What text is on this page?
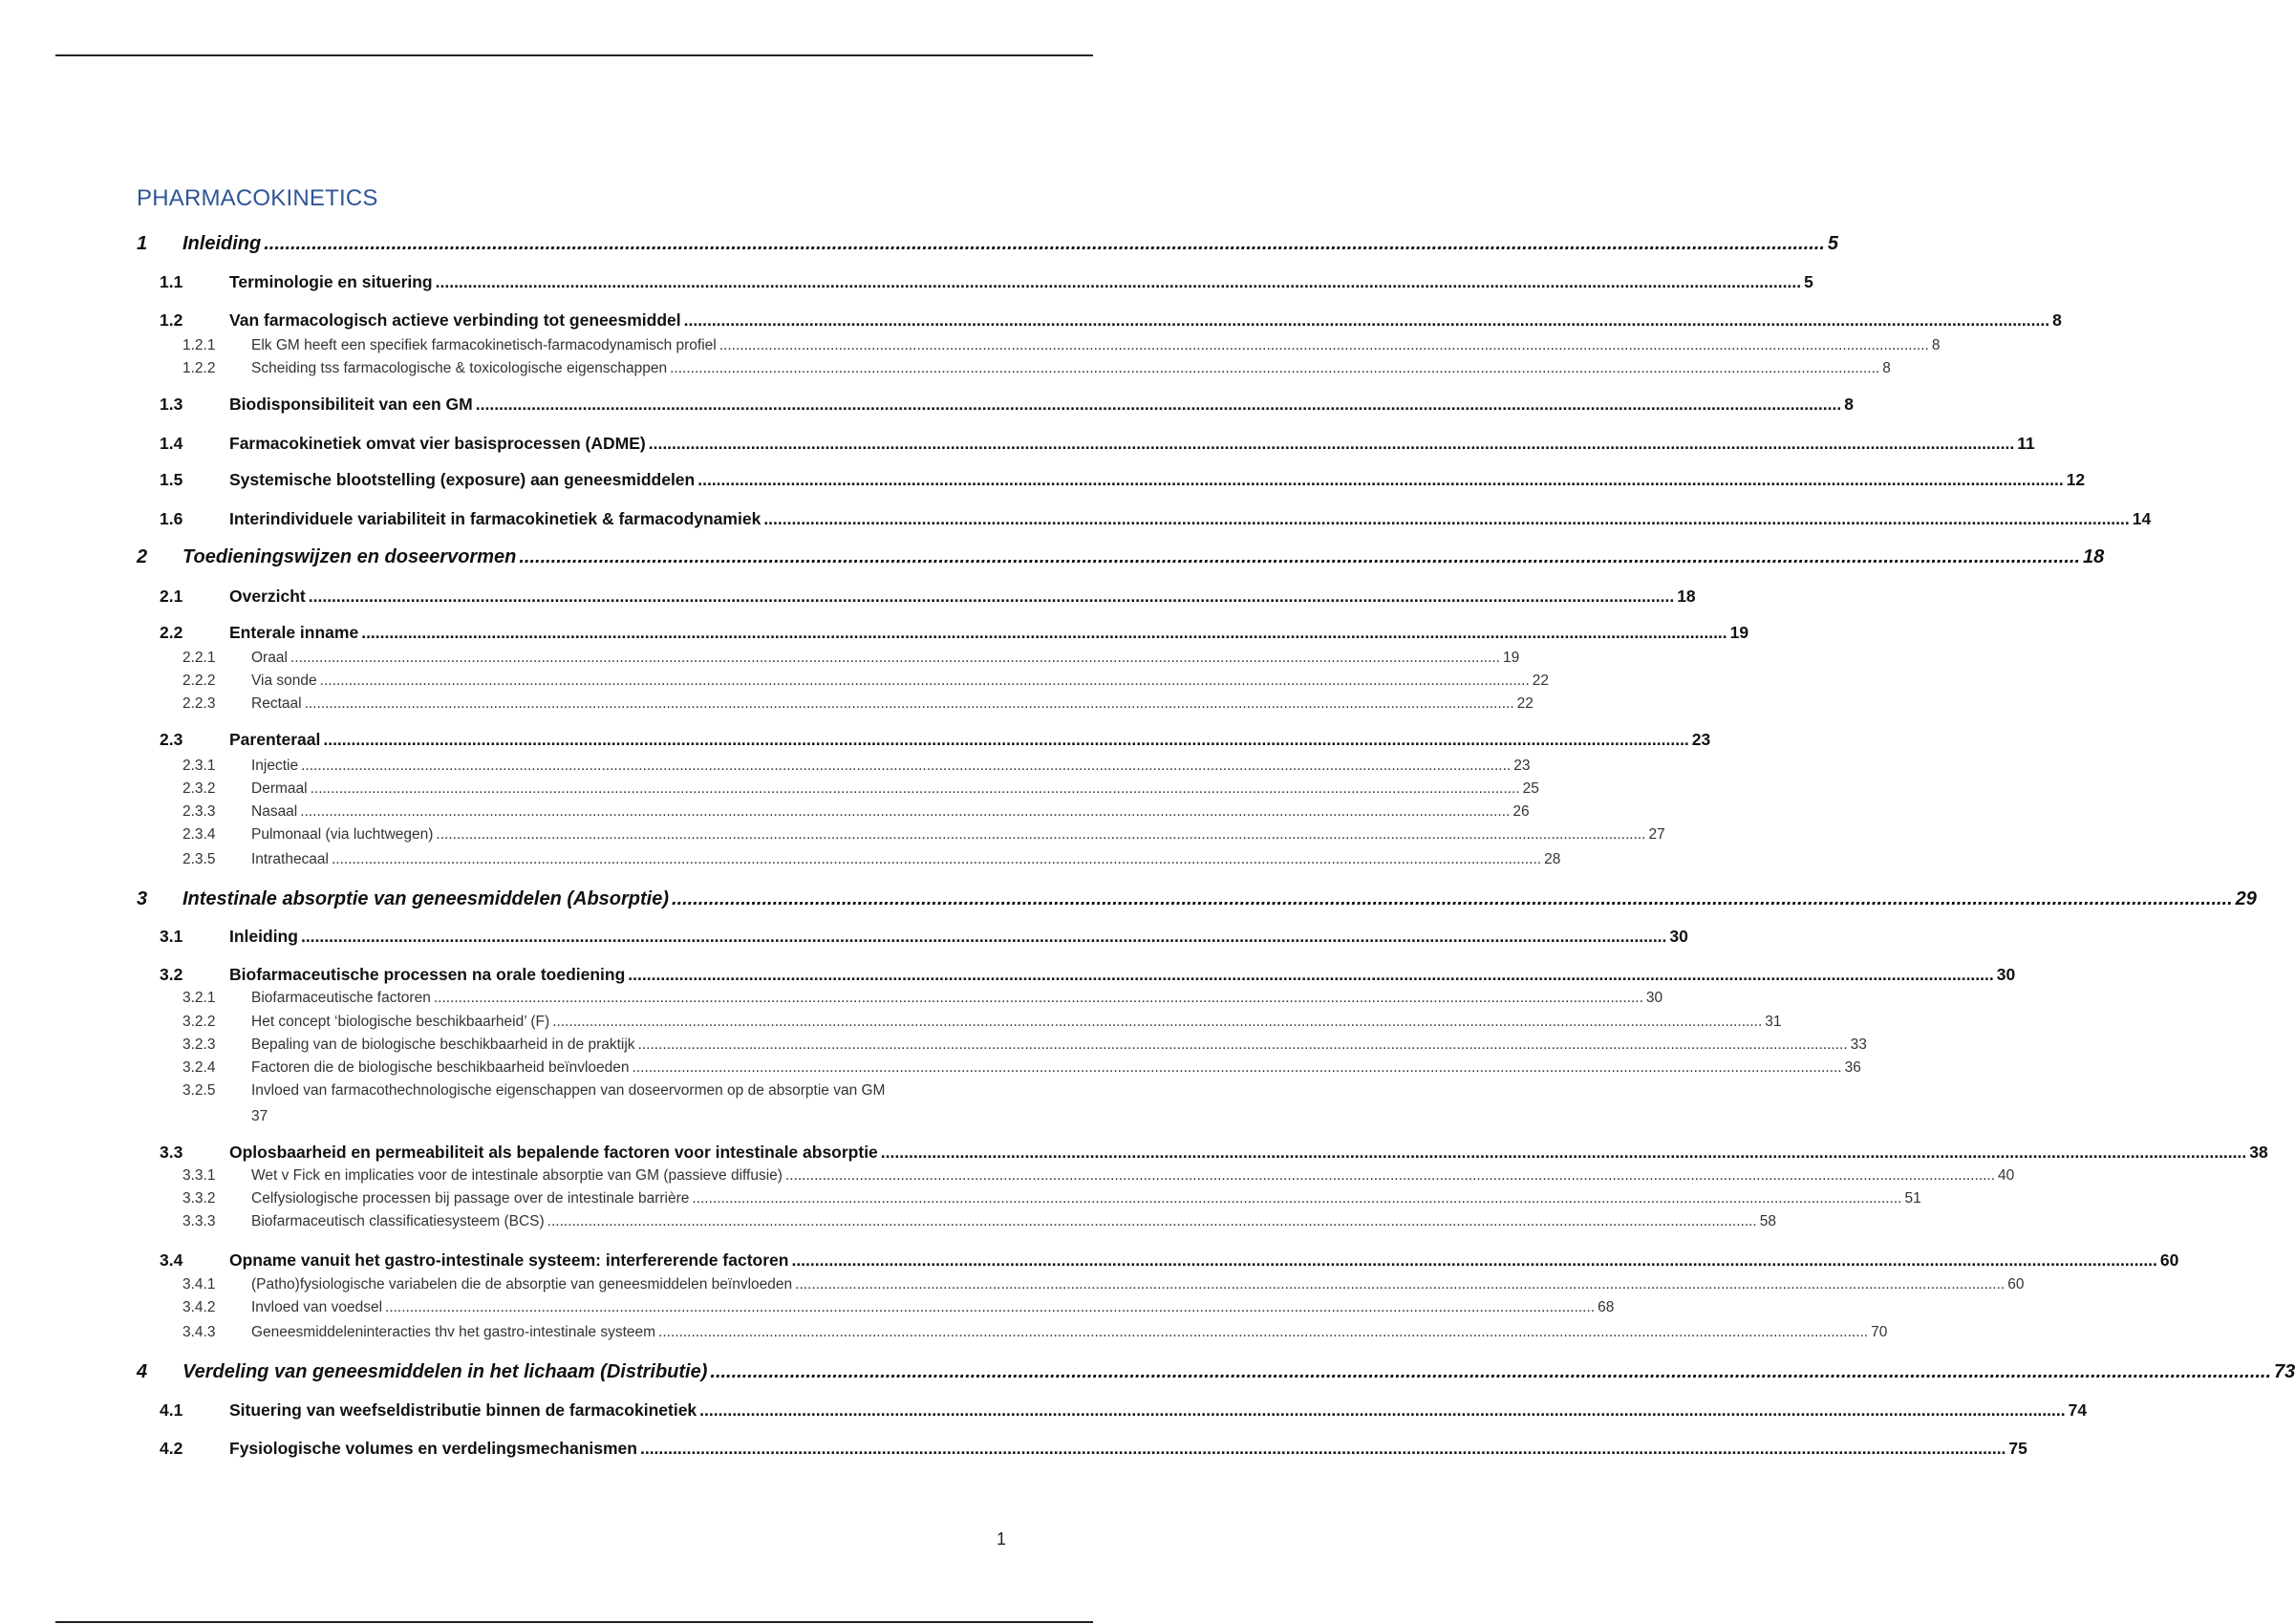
PHARMACOKINETICS
1	Inleiding .....	5
1.1	Terminologie en situering .....	5
1.2	Van farmacologisch actieve verbinding tot geneesmiddel .....	8
1.2.1	Elk GM heeft een specifiek farmacokinetisch-farmacodynamisch profiel .....	8
1.2.2	Scheiding tss farmacologische & toxicologische eigenschappen .....	8
1.3	Biodisponsibiliteit van een GM .....	8
1.4	Farmacokinetiek omvat vier basisprocessen (ADME) .....	11
1.5	Systemische blootstelling (exposure) aan geneesmiddelen .....	12
1.6	Interindividuele variabiliteit in farmacokinetiek & farmacodynamiek .....	14
2	Toedieningswijzen en doseervormen .....	18
2.1	Overzicht .....	18
2.2	Enterale inname .....	19
2.2.1	Oraal .....	19
2.2.2	Via sonde .....	22
2.2.3	Rectaal .....	22
2.3	Parenteraal .....	23
2.3.1	Injectie .....	23
2.3.2	Dermaal .....	25
2.3.3	Nasaal .....	26
2.3.4	Pulmonaal (via luchtwegen) .....	27
2.3.5	Intrathecaal .....	28
3	Intestinale absorptie van geneesmiddelen (Absorptie) .....	29
3.1	Inleiding .....	30
3.2	Biofarmaceutische processen na orale toediening .....	30
3.2.1	Biofarmaceutische factoren .....	30
3.2.2	Het concept ‘biologische beschikbaarheid’ (F) .....	31
3.2.3	Bepaling van de biologische beschikbaarheid in de praktijk .....	33
3.2.4	Factoren die de biologische beschikbaarheid beïnvloeden .....	36
3.2.5	Invloed van farmacothechnologische eigenschappen van doseervormen op de absorptie van GM
37
3.3	Oplosbaarheid en permeabiliteit als bepalende factoren voor intestinale absorptie .....	38
3.3.1	Wet v Fick en implicaties voor de intestinale absorptie van GM (passieve diffusie) .....	40
3.3.2	Celfysiologische processen bij passage over de intestinale barrière .....	51
3.3.3	Biofarmaceutisch classificatiesysteem (BCS) .....	58
3.4	Opname vanuit het gastro-intestinale systeem: interfererende factoren .....	60
3.4.1	(Patho)fysiologische variabelen die de absorptie van geneesmiddelen beïnvloeden .....	60
3.4.2	Invloed van voedsel .....	68
3.4.3	Geneesmiddeleninteracties thv het gastro-intestinale systeem .....	70
4	Verdeling van geneesmiddelen in het lichaam (Distributie) .....	73
4.1	Situering van weefseldistributie binnen de farmacokinetiek .....	74
4.2	Fysiologische volumes en verdelingsmechanismen .....	75
1
